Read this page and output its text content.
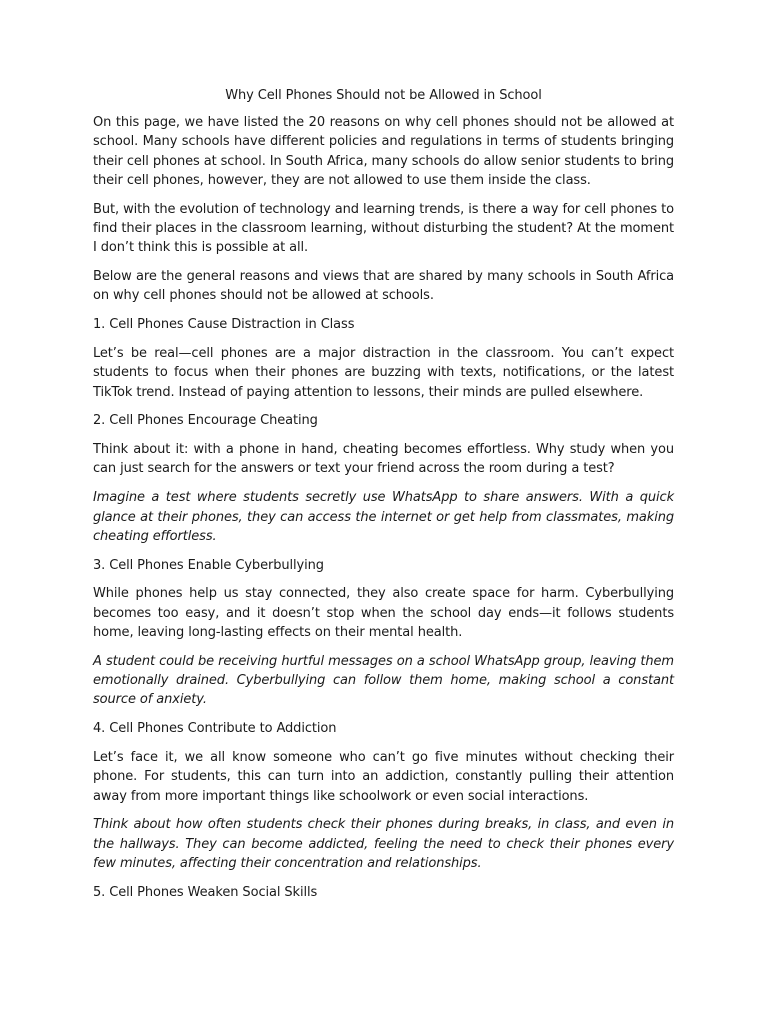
Why Cell Phones Should not be Allowed in School

On this page, we have listed the 20 reasons on why cell phones should not be allowed at school. Many schools have different policies and regulations in terms of students bringing their cell phones at school. In South Africa, many schools do allow senior students to bring their cell phones, however, they are not allowed to use them inside the class.

But, with the evolution of technology and learning trends, is there a way for cell phones to find their places in the classroom learning, without disturbing the student? At the moment I don’t think this is possible at all.

Below are the general reasons and views that are shared by many schools in South Africa on why cell phones should not be allowed at schools.

1. Cell Phones Cause Distraction in Class

Let’s be real—cell phones are a major distraction in the classroom. You can’t expect students to focus when their phones are buzzing with texts, notifications, or the latest TikTok trend. Instead of paying attention to lessons, their minds are pulled elsewhere.

2. Cell Phones Encourage Cheating

Think about it: with a phone in hand, cheating becomes effortless. Why study when you can just search for the answers or text your friend across the room during a test?

Imagine a test where students secretly use WhatsApp to share answers. With a quick glance at their phones, they can access the internet or get help from classmates, making cheating effortless.

3. Cell Phones Enable Cyberbullying

While phones help us stay connected, they also create space for harm. Cyberbullying becomes too easy, and it doesn’t stop when the school day ends—it follows students home, leaving long-lasting effects on their mental health.

A student could be receiving hurtful messages on a school WhatsApp group, leaving them emotionally drained. Cyberbullying can follow them home, making school a constant source of anxiety.

4. Cell Phones Contribute to Addiction

Let’s face it, we all know someone who can’t go five minutes without checking their phone. For students, this can turn into an addiction, constantly pulling their attention away from more important things like schoolwork or even social interactions.

Think about how often students check their phones during breaks, in class, and even in the hallways. They can become addicted, feeling the need to check their phones every few minutes, affecting their concentration and relationships.

5. Cell Phones Weaken Social Skills
